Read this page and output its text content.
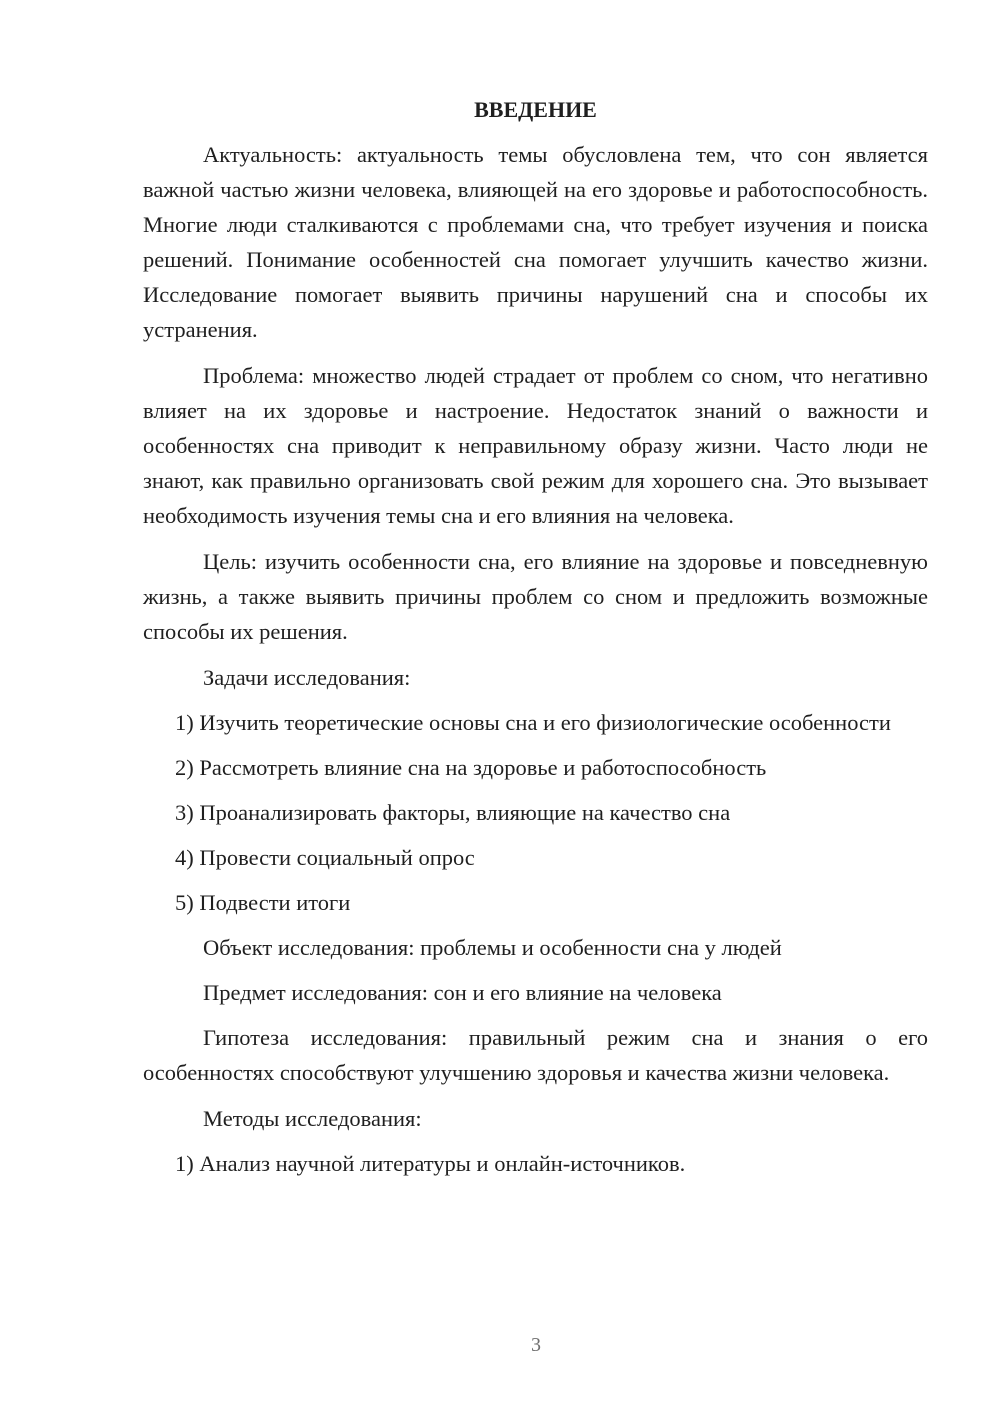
ВВЕДЕНИЕ

Актуальность: актуальность темы обусловлена тем, что сон является важной частью жизни человека, влияющей на его здоровье и работоспособность. Многие люди сталкиваются с проблемами сна, что требует изучения и поиска решений. Понимание особенностей сна помогает улучшить качество жизни. Исследование помогает выявить причины нарушений сна и способы их устранения.

Проблема: множество людей страдает от проблем со сном, что негативно влияет на их здоровье и настроение. Недостаток знаний о важности и особенностях сна приводит к неправильному образу жизни. Часто люди не знают, как правильно организовать свой режим для хорошего сна. Это вызывает необходимость изучения темы сна и его влияния на человека.

Цель: изучить особенности сна, его влияние на здоровье и повседневную жизнь, а также выявить причины проблем со сном и предложить возможные способы их решения.

Задачи исследования:

1) Изучить теоретические основы сна и его физиологические особенности

2) Рассмотреть влияние сна на здоровье и работоспособность

3) Проанализировать факторы, влияющие на качество сна

4) Провести социальный опрос

5) Подвести итоги

Объект исследования: проблемы и особенности сна у людей

Предмет исследования: сон и его влияние на человека

Гипотеза исследования: правильный режим сна и знания о его особенностях способствуют улучшению здоровья и качества жизни человека.

Методы исследования:

1) Анализ научной литературы и онлайн-источников.

3
